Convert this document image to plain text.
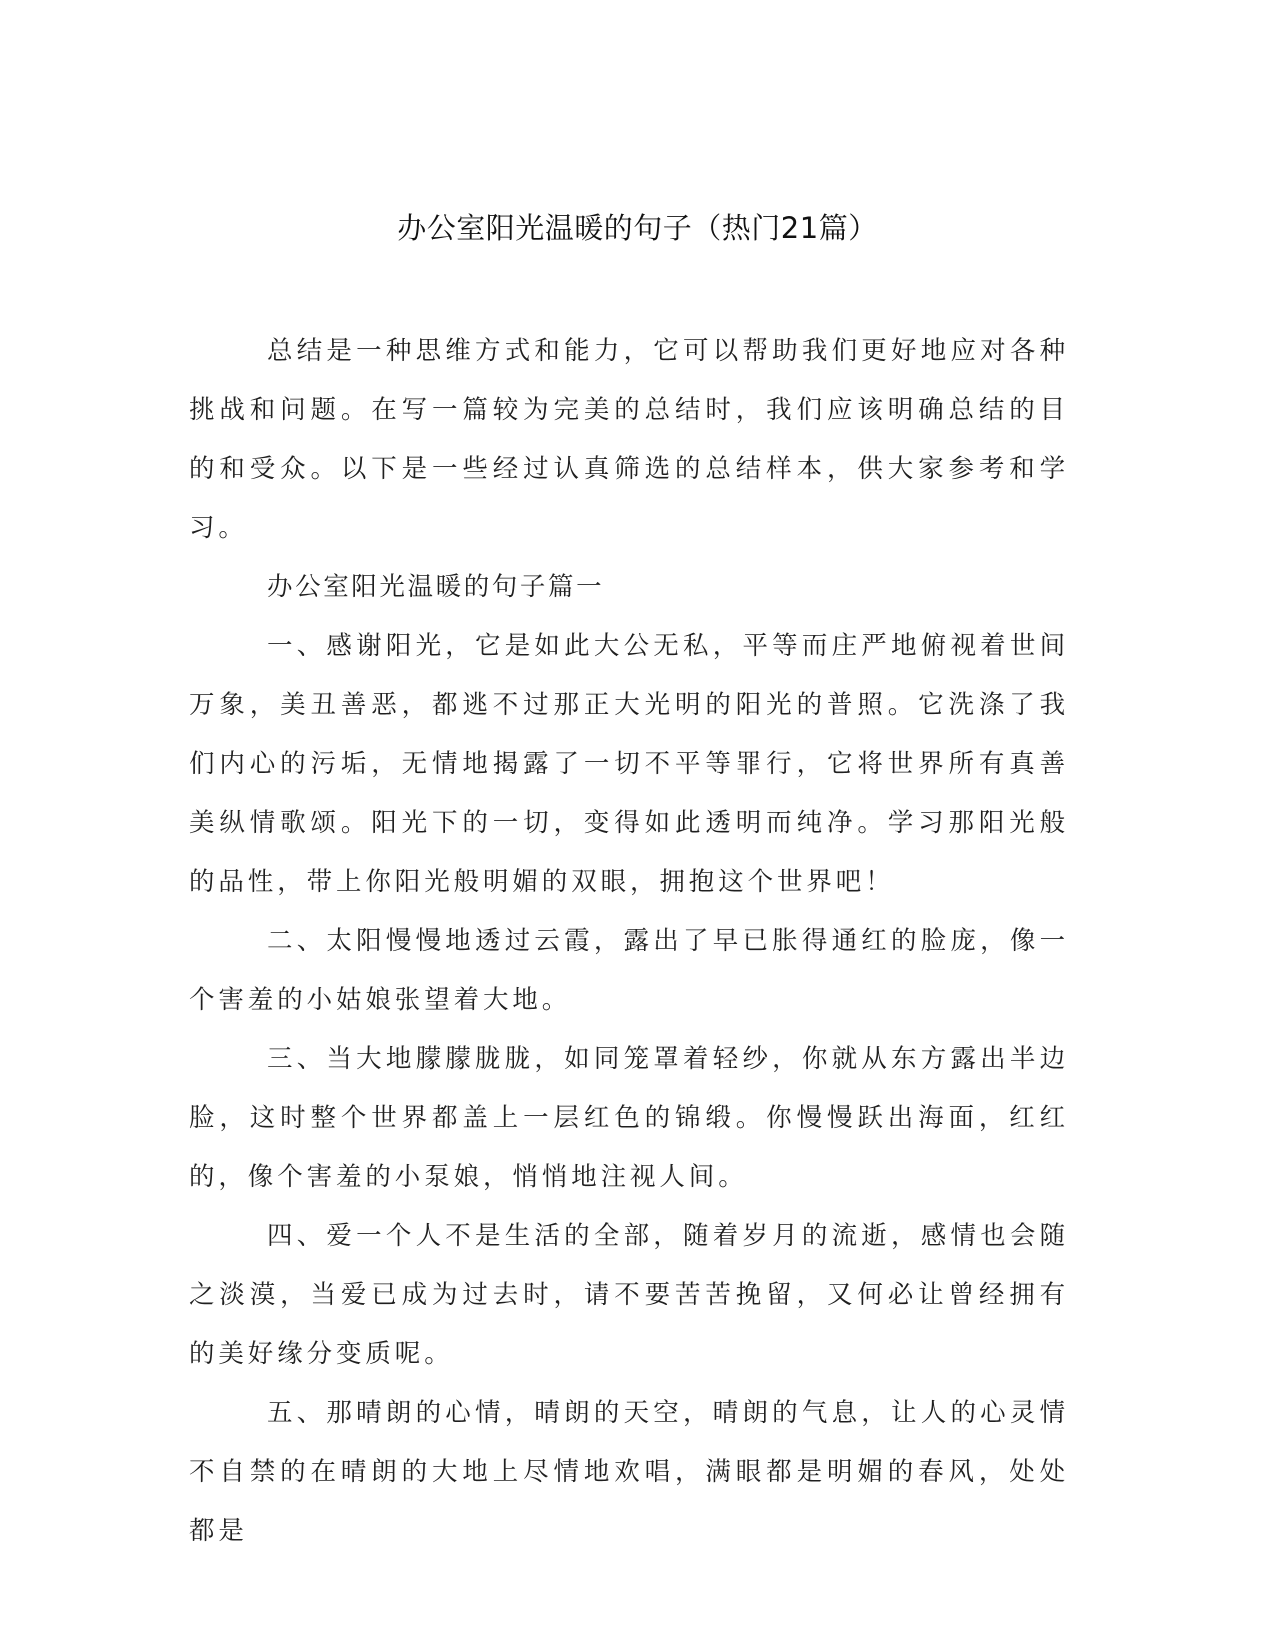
办公室阳光温暖的句子（热门21篇）

总结是一种思维方式和能力，它可以帮助我们更好地应对各种挑战和问题。在写一篇较为完美的总结时，我们应该明确总结的目的和受众。以下是一些经过认真筛选的总结样本，供大家参考和学习。

办公室阳光温暖的句子篇一

一、感谢阳光，它是如此大公无私，平等而庄严地俯视着世间万象，美丑善恶，都逃不过那正大光明的阳光的普照。它洗涤了我们内心的污垢，无情地揭露了一切不平等罪行，它将世界所有真善美纵情歌颂。阳光下的一切，变得如此透明而纯净。学习那阳光般的品性，带上你阳光般明媚的双眼，拥抱这个世界吧！

二、太阳慢慢地透过云霞，露出了早已胀得通红的脸庞，像一个害羞的小姑娘张望着大地。

三、当大地朦朦胧胧，如同笼罩着轻纱，你就从东方露出半边脸，这时整个世界都盖上一层红色的锦缎。你慢慢跃出海面，红红的，像个害羞的小泵娘，悄悄地注视人间。

四、爱一个人不是生活的全部，随着岁月的流逝，感情也会随之淡漠，当爱已成为过去时，请不要苦苦挽留，又何必让曾经拥有的美好缘分变质呢。

五、那晴朗的心情，晴朗的天空，晴朗的气息，让人的心灵情不自禁的在晴朗的大地上尽情地欢唱，满眼都是明媚的春风，处处都是
